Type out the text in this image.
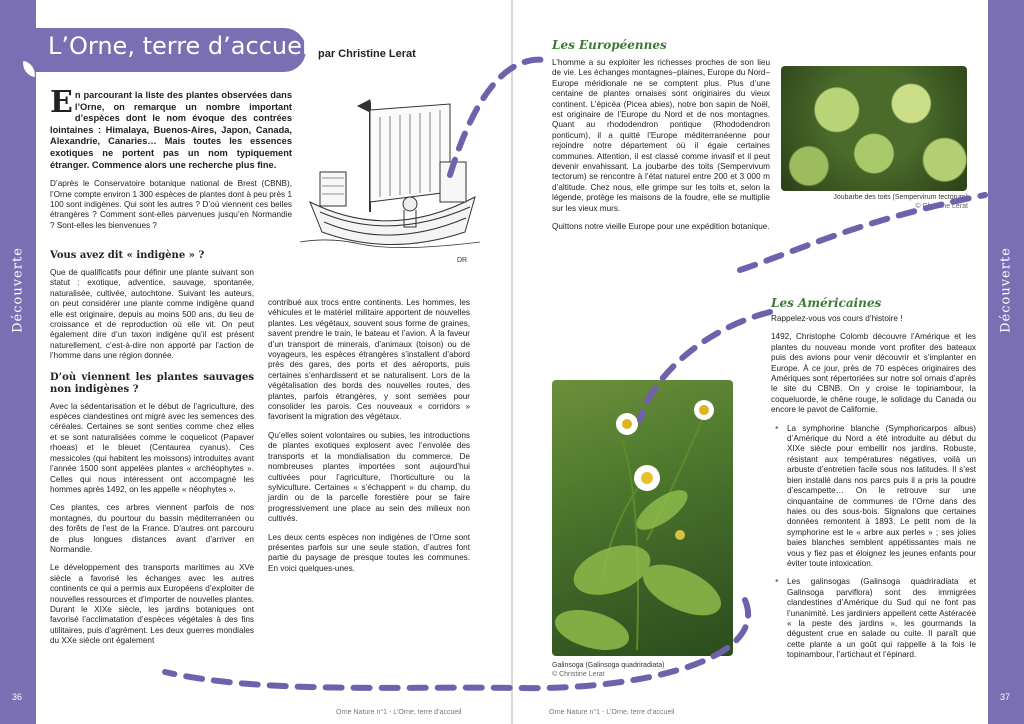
Découverte
36
L’Orne, terre d’accueil par Christine Lerat
En parcourant la liste des plantes observées dans l’Orne, on remarque un nombre important d’espèces dont le nom évoque des contrées lointaines : Himalaya, Buenos-Aires, Japon, Canada, Alexandrie, Canaries… Mais toutes les essences exotiques ne portent pas un nom typiquement étranger. Commence alors une recherche plus fine.

D’après le Conservatoire botanique national de Brest (CBNB), l’Orne compte environ 1 300 espèces de plantes dont à peu près 1 100 sont indigènes. Qui sont les autres ? D’où viennent ces belles étrangères ? Comment sont-elles parvenues jusqu’en Normandie ? Sont-elles les bienvenues ?

DR
Vous avez dit « indigène » ?

Que de qualificatifs pour définir une plante suivant son statut : exotique, adventice, sauvage, spontanée, naturalisée, cultivée, autochtone. Suivant les auteurs, on peut considérer une plante comme indigène quand elle est originaire, depuis au moins 500 ans, du lieu de croissance et de reproduction où elle vit. On peut également dire d’un taxon indigène qu’il est présent naturellement, c’est-à-dire non apporté par l’action de l’homme dans une région donnée.

D’où viennent les plantes sauvages non indigènes ?

Avec la sédentarisation et le début de l’agriculture, des espèces clandestines ont migré avec les semences des céréales. Certaines se sont senties comme chez elles et se sont naturalisées comme le coquelicot (Papaver rhoeas) et le bleuet (Centaurea cyanus). Ces messicoles (qui habitent les moissons) introduites avant l’année 1500 sont appelées plantes « archéophytes ». Celles qui nous intéressent ont accompagné les hommes après 1492, on les appelle « néophytes ».

Ces plantes, ces arbres viennent parfois de nos montagnes, du pourtour du bassin méditerranéen ou des forêts de l’est de la France. D’autres ont parcouru de plus longues distances avant d’arriver en Normandie.

Le développement des transports maritimes au XVe siècle a favorisé les échanges avec les autres continents ce qui a permis aux Européens d’exploiter de nouvelles ressources et d’importer de nouvelles plantes. Durant le XIXe siècle, les jardins botaniques ont favorisé l’acclimatation d’espèces végétales à des fins utilitaires, puis d’agrément. Les deux guerres mondiales du XXe siècle ont également

contribué aux trocs entre continents. Les hommes, les véhicules et le matériel militaire apportent de nouvelles plantes. Les végétaux, souvent sous forme de graines, savent prendre le train, le bateau et l’avion. À la faveur d’un transport de minerais, d’animaux (toison) ou de voyageurs, les espèces étrangères s’installent d’abord près des gares, des ports et des aéroports, puis certaines s’enhardissent et se naturalisent. Lors de la végétalisation des bords des nouvelles routes, des plantes, parfois étrangères, y sont semées pour consolider les parois. Ces nouveaux « corridors » favorisent la migration des végétaux.

Qu’elles soient volontaires ou subies, les introductions de plantes exotiques explosent avec l’envolée des transports et la mondialisation du commerce. De nombreuses plantes importées sont aujourd’hui cultivées pour l’agriculture, l’horticulture ou la sylviculture. Certaines « s’échappent » du champ, du jardin ou de la parcelle forestière pour se faire progressivement une place au sein des milieux non cultivés.

Les deux cents espèces non indigènes de l’Orne sont présentes parfois sur une seule station, d’autres font partie du paysage de presque toutes les communes. En voici quelques-unes.

Orne Nature n°1 - L’Orne, terre d’accueil
Découverte
37
Orne Nature n°1 - L’Orne, terre d’accueil
Les Européennes

L’homme a su exploiter les richesses proches de son lieu de vie. Les échanges montagnes–plaines, Europe du Nord–Europe méridionale ne se comptent plus. Plus d’une centaine de plantes ornaises sont originaires du vieux continent. L’épicéa (Picea abies), notre bon sapin de Noël, est originaire de l’Europe du Nord et de nos montagnes. Quant au rhododendron pontique (Rhododendron ponticum), il a quitté l’Europe méditerranéenne pour rejoindre notre département où il égaie certaines communes. Attention, il est classé comme invasif et il peut devenir envahissant. La joubarbe des toits (Sempervivum tectorum) se rencontre à l’état naturel entre 200 et 3 000 m d’altitude. Chez nous, elle grimpe sur les toits et, selon la légende, protège les maisons de la foudre, elle se multiplie sur les vieux murs.

Quittons notre vieille Europe pour une expédition botanique.

Joubarbe des toits (Sempervirum tectorum)
© Christine Lerat
Les Américaines

Rappelez-vous vos cours d’histoire !

1492, Christophe Colomb découvre l’Amérique et les plantes du nouveau monde vont profiter des bateaux puis des avions pour venir découvrir et s’implanter en Europe. À ce jour, près de 70 espèces originaires des Amériques sont répertoriées sur notre sol ornais d’après le site du CBNB. On y croise le topinambour, la coqueluorde, le chêne rouge, le solidage du Canada ou encore le pavot de Californie.

• La symphorine blanche (Symphoricarpos albus) d’Amérique du Nord a été introduite au début du XIXe siècle pour embellir nos jardins. Robuste, résistant aux températures négatives, voilà un arbuste d’entretien facile sous nos latitudes. Il s’est bien installé dans nos parcs puis il a pris la poudre d’escampette… On le retrouve sur une cinquantaine de communes de l’Orne dans des haies ou des sous-bois. Signalons que certaines données remontent à 1893. Le petit nom de la symphorine est le « arbre aux perles » ; ses jolies baies blanches semblent appétissantes mais ne vous y fiez pas et éloignez les jeunes enfants pour éviter toute intoxication.

• Les galinsogas (Galinsoga quadriradiata et Galinsoga parviflora) sont des immigrées clandestines d’Amérique du Sud qui ne font pas l’unanimité. Les jardiniers appellent cette Astéracée « la peste des jardins », les gourmands la dégustent crue en salade ou cuite. Il paraît que cette plante a un goût qui rappelle à la fois le topinambour, l’artichaut et l’épinard.

Galinsoga (Galinsoga quadriradiata)
© Christine Lerat
